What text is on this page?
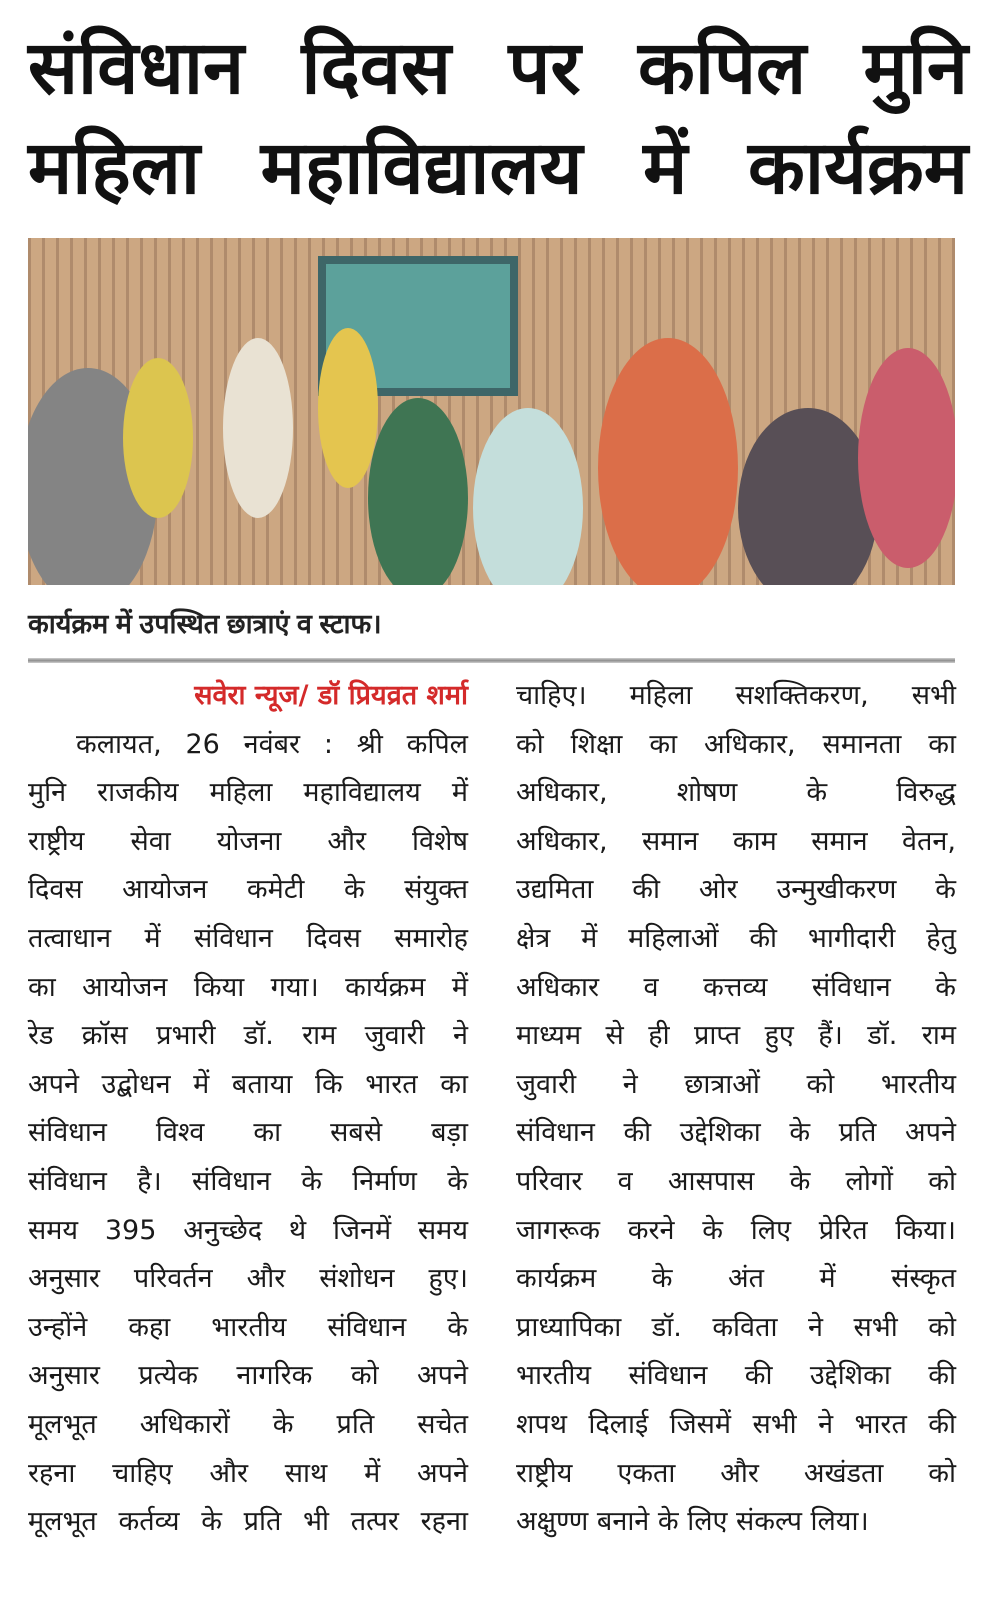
संविधान दिवस पर कपिल मुनि
महिला महाविद्यालय में कार्यक्रम
कार्यक्रम में उपस्थित छात्राएं व स्टाफ।
सवेरा न्यूज/ डॉ प्रियव्रत शर्मा
कलायत, 26 नवंबर : श्री कपिल
मुनि राजकीय महिला महाविद्यालय में
राष्ट्रीय सेवा योजना और विशेष
दिवस आयोजन कमेटी के संयुक्त
तत्वाधान में संविधान दिवस समारोह
का आयोजन किया गया। कार्यक्रम में
रेड क्रॉस प्रभारी डॉ. राम जुवारी ने
अपने उद्बोधन में बताया कि भारत का
संविधान विश्व का सबसे बड़ा
संविधान है। संविधान के निर्माण के
समय 395 अनुच्छेद थे जिनमें समय
अनुसार परिवर्तन और संशोधन हुए।
उन्होंने कहा भारतीय संविधान के
अनुसार प्रत्येक नागरिक को अपने
मूलभूत अधिकारों के प्रति सचेत
रहना चाहिए और साथ में अपने
मूलभूत कर्तव्य के प्रति भी तत्पर रहना
चाहिए। महिला सशक्तिकरण, सभी
को शिक्षा का अधिकार, समानता का
अधिकार, शोषण के विरुद्ध
अधिकार, समान काम समान वेतन,
उद्यमिता की ओर उन्मुखीकरण के
क्षेत्र में महिलाओं की भागीदारी हेतु
अधिकार व कत्तव्य संविधान के
माध्यम से ही प्राप्त हुए हैं। डॉ. राम
जुवारी ने छात्राओं को भारतीय
संविधान की उद्देशिका के प्रति अपने
परिवार व आसपास के लोगों को
जागरूक करने के लिए प्रेरित किया।
कार्यक्रम के अंत में संस्कृत
प्राध्यापिका डॉ. कविता ने सभी को
भारतीय संविधान की उद्देशिका की
शपथ दिलाई जिसमें सभी ने भारत की
राष्ट्रीय एकता और अखंडता को
अक्षुण्ण बनाने के लिए संकल्प लिया।
